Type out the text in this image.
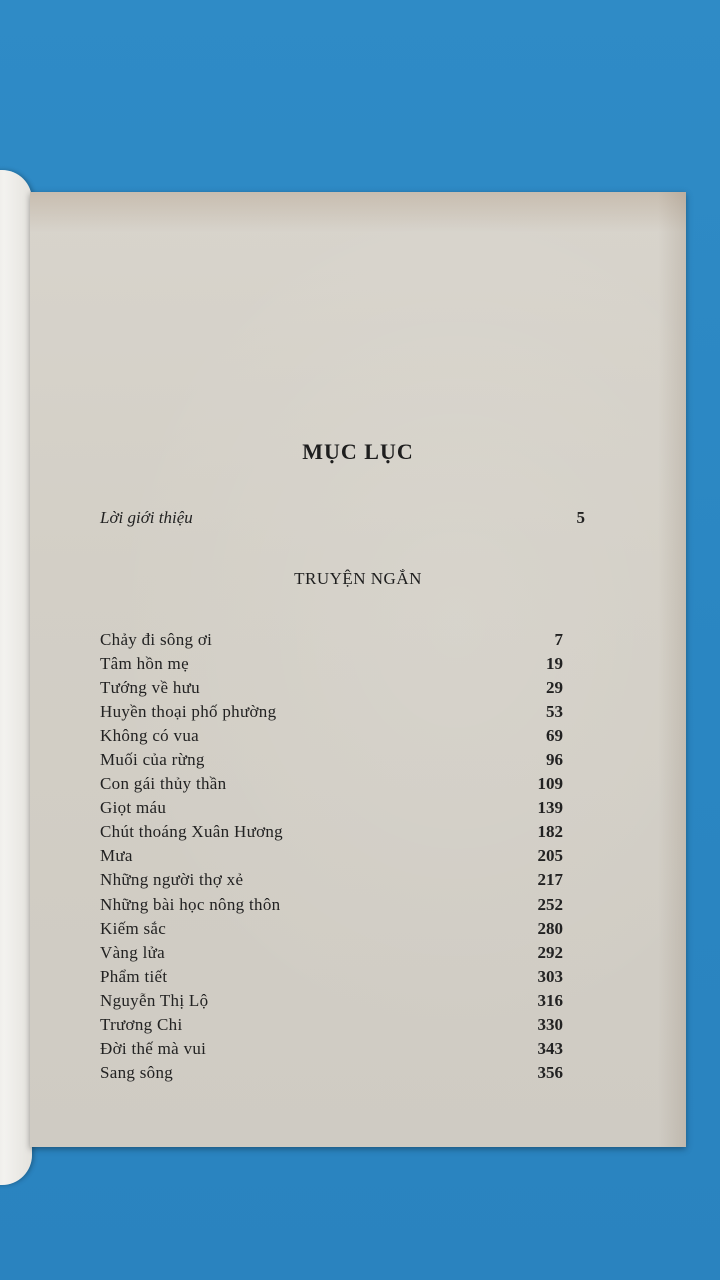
MỤC LỤC
Lời giới thiệu	5
TRUYỆN NGẮN
Chảy đi sông ơi	7
Tâm hồn mẹ	19
Tướng về hưu	29
Huyền thoại phố phường	53
Không có vua	69
Muối của rừng	96
Con gái thủy thần	109
Giọt máu	139
Chút thoáng Xuân Hương	182
Mưa	205
Những người thợ xẻ	217
Những bài học nông thôn	252
Kiếm sắc	280
Vàng lửa	292
Phẩm tiết	303
Nguyễn Thị Lộ	316
Trương Chi	330
Đời thế mà vui	343
Sang sông	356
